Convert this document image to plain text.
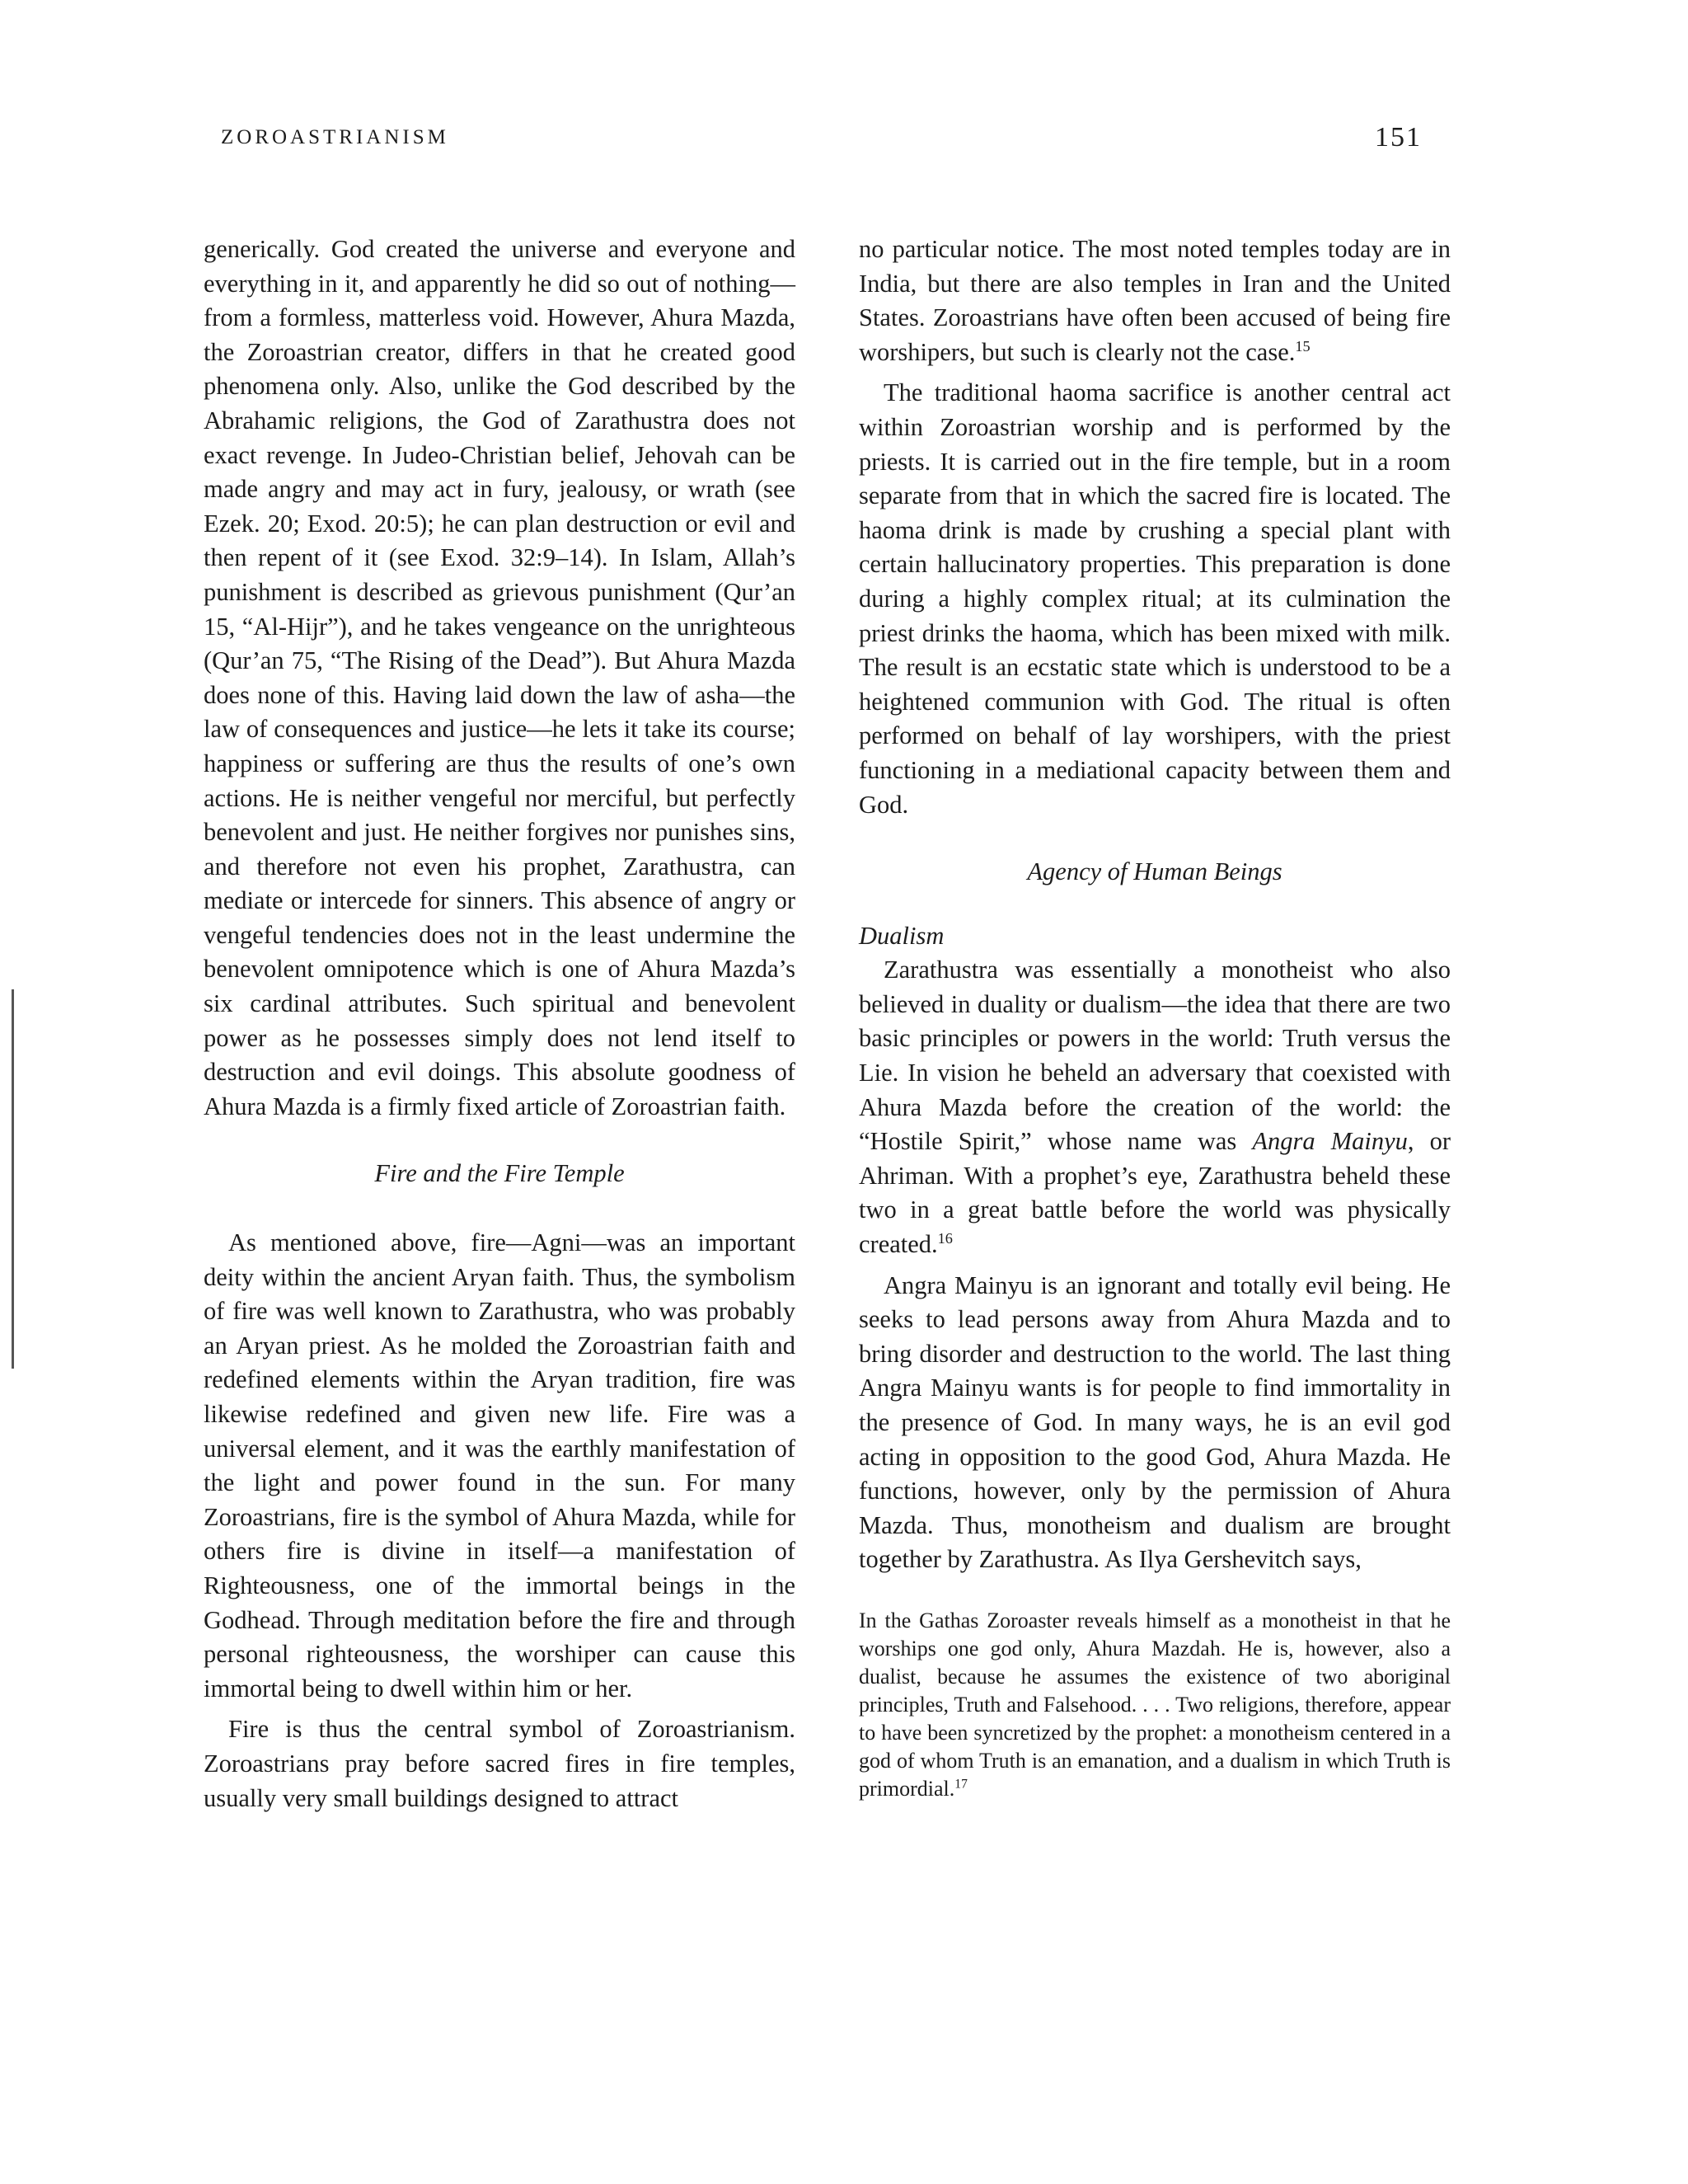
ZOROASTRIANISM	151

generically. God created the universe and everyone and everything in it, and apparently he did so out of nothing—from a formless, matterless void. However, Ahura Mazda, the Zoroastrian creator, differs in that he created good phenomena only. Also, unlike the God described by the Abrahamic religions, the God of Zarathustra does not exact revenge. In Judeo-Christian belief, Jehovah can be made angry and may act in fury, jealousy, or wrath (see Ezek. 20; Exod. 20:5); he can plan destruction or evil and then repent of it (see Exod. 32:9–14). In Islam, Allah’s punishment is described as grievous punishment (Qur’an 15, “Al-Hijr”), and he takes vengeance on the unrighteous (Qur’an 75, “The Rising of the Dead”). But Ahura Mazda does none of this. Having laid down the law of asha—the law of consequences and justice—he lets it take its course; happiness or suffering are thus the results of one’s own actions. He is neither vengeful nor merciful, but perfectly benevolent and just. He neither forgives nor punishes sins, and therefore not even his prophet, Zarathustra, can mediate or intercede for sinners. This absence of angry or vengeful tendencies does not in the least undermine the benevolent omnipotence which is one of Ahura Mazda’s six cardinal attributes. Such spiritual and benevolent power as he possesses simply does not lend itself to destruction and evil doings. This absolute goodness of Ahura Mazda is a firmly fixed article of Zoroastrian faith.

Fire and the Fire Temple

As mentioned above, fire—Agni—was an important deity within the ancient Aryan faith. Thus, the symbolism of fire was well known to Zarathustra, who was probably an Aryan priest. As he molded the Zoroastrian faith and redefined elements within the Aryan tradition, fire was likewise redefined and given new life. Fire was a universal element, and it was the earthly manifestation of the light and power found in the sun. For many Zoroastrians, fire is the symbol of Ahura Mazda, while for others fire is divine in itself—a manifestation of Righteousness, one of the immortal beings in the Godhead. Through meditation before the fire and through personal righteousness, the worshiper can cause this immortal being to dwell within him or her.

Fire is thus the central symbol of Zoroastrianism. Zoroastrians pray before sacred fires in fire temples, usually very small buildings designed to attract

no particular notice. The most noted temples today are in India, but there are also temples in Iran and the United States. Zoroastrians have often been accused of being fire worshipers, but such is clearly not the case.$^{15}$

The traditional haoma sacrifice is another central act within Zoroastrian worship and is performed by the priests. It is carried out in the fire temple, but in a room separate from that in which the sacred fire is located. The haoma drink is made by crushing a special plant with certain hallucinatory properties. This preparation is done during a highly complex ritual; at its culmination the priest drinks the haoma, which has been mixed with milk. The result is an ecstatic state which is understood to be a heightened communion with God. The ritual is often performed on behalf of lay worshipers, with the priest functioning in a mediational capacity between them and God.

Agency of Human Beings
Dualism

Zarathustra was essentially a monotheist who also believed in duality or dualism—the idea that there are two basic principles or powers in the world: Truth versus the Lie. In vision he beheld an adversary that coexisted with Ahura Mazda before the creation of the world: the “Hostile Spirit,” whose name was Angra Mainyu, or Ahriman. With a prophet’s eye, Zarathustra beheld these two in a great battle before the world was physically created.$^{16}$

Angra Mainyu is an ignorant and totally evil being. He seeks to lead persons away from Ahura Mazda and to bring disorder and destruction to the world. The last thing Angra Mainyu wants is for people to find immortality in the presence of God. In many ways, he is an evil god acting in opposition to the good God, Ahura Mazda. He functions, however, only by the permission of Ahura Mazda. Thus, monotheism and dualism are brought together by Zarathustra. As Ilya Gershevitch says,

In the Gathas Zoroaster reveals himself as a monotheist in that he worships one god only, Ahura Mazdah. He is, however, also a dualist, because he assumes the existence of two aboriginal principles, Truth and Falsehood. . . . Two religions, therefore, appear to have been syncretized by the prophet: a monotheism centered in a god of whom Truth is an emanation, and a dualism in which Truth is primordial.$^{17}$
